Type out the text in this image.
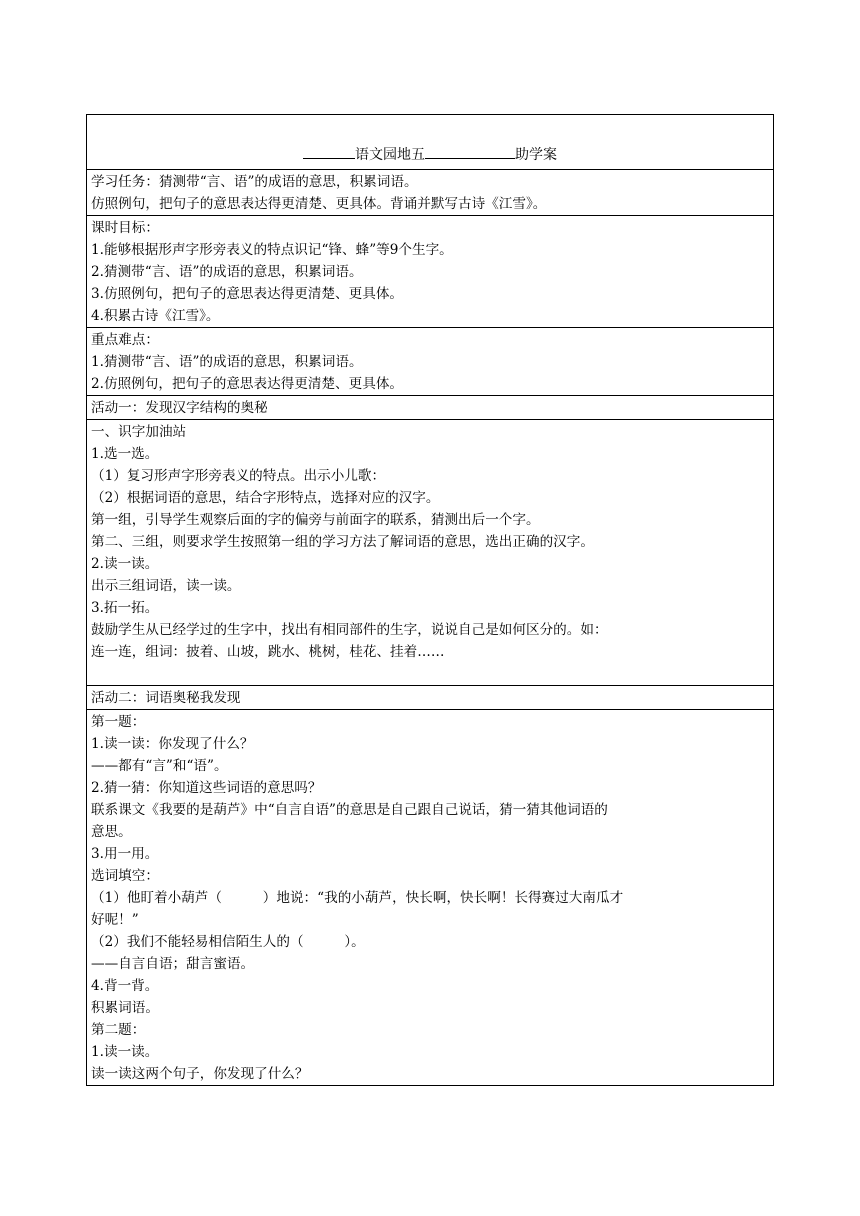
语文园地五	助学案
学习任务：猜测带“言、语”的成语的意思，积累词语。
仿照例句，把句子的意思表达得更清楚、更具体。背诵并默写古诗《江雪》。
课时目标：
1.能够根据形声字形旁表义的特点识记“锋、蜂”等9个生字。
2.猜测带“言、语”的成语的意思，积累词语。
3.仿照例句，把句子的意思表达得更清楚、更具体。
4.积累古诗《江雪》。
重点难点：
1.猜测带“言、语”的成语的意思，积累词语。
2.仿照例句，把句子的意思表达得更清楚、更具体。
活动一：发现汉字结构的奥秘
一、识字加油站
1.选一选。
（1）复习形声字形旁表义的特点。出示小儿歌：
（2）根据词语的意思，结合字形特点，选择对应的汉字。
第一组，引导学生观察后面的字的偏旁与前面字的联系，猜测出后一个字。
第二、三组，则要求学生按照第一组的学习方法了解词语的意思，选出正确的汉字。
2.读一读。
出示三组词语，读一读。
3.拓一拓。
鼓励学生从已经学过的生字中，找出有相同部件的生字，说说自己是如何区分的。如：
连一连，组词：披着、山坡，跳水、桃树，桂花、挂着……
活动二：词语奥秘我发现
第一题：
1.读一读：你发现了什么？
——都有“言”和“语”。
2.猜一猜：你知道这些词语的意思吗？
联系课文《我要的是葫芦》中“自言自语”的意思是自己跟自己说话，猜一猜其他词语的
意思。
3.用一用。
选词填空：
（1）他盯着小葫芦（　　　）地说：“我的小葫芦，快长啊，快长啊！长得赛过大南瓜才
好呢！”
（2）我们不能轻易相信陌生人的（　　　）。
——自言自语；甜言蜜语。
4.背一背。
积累词语。
第二题：
1.读一读。
读一读这两个句子，你发现了什么？
